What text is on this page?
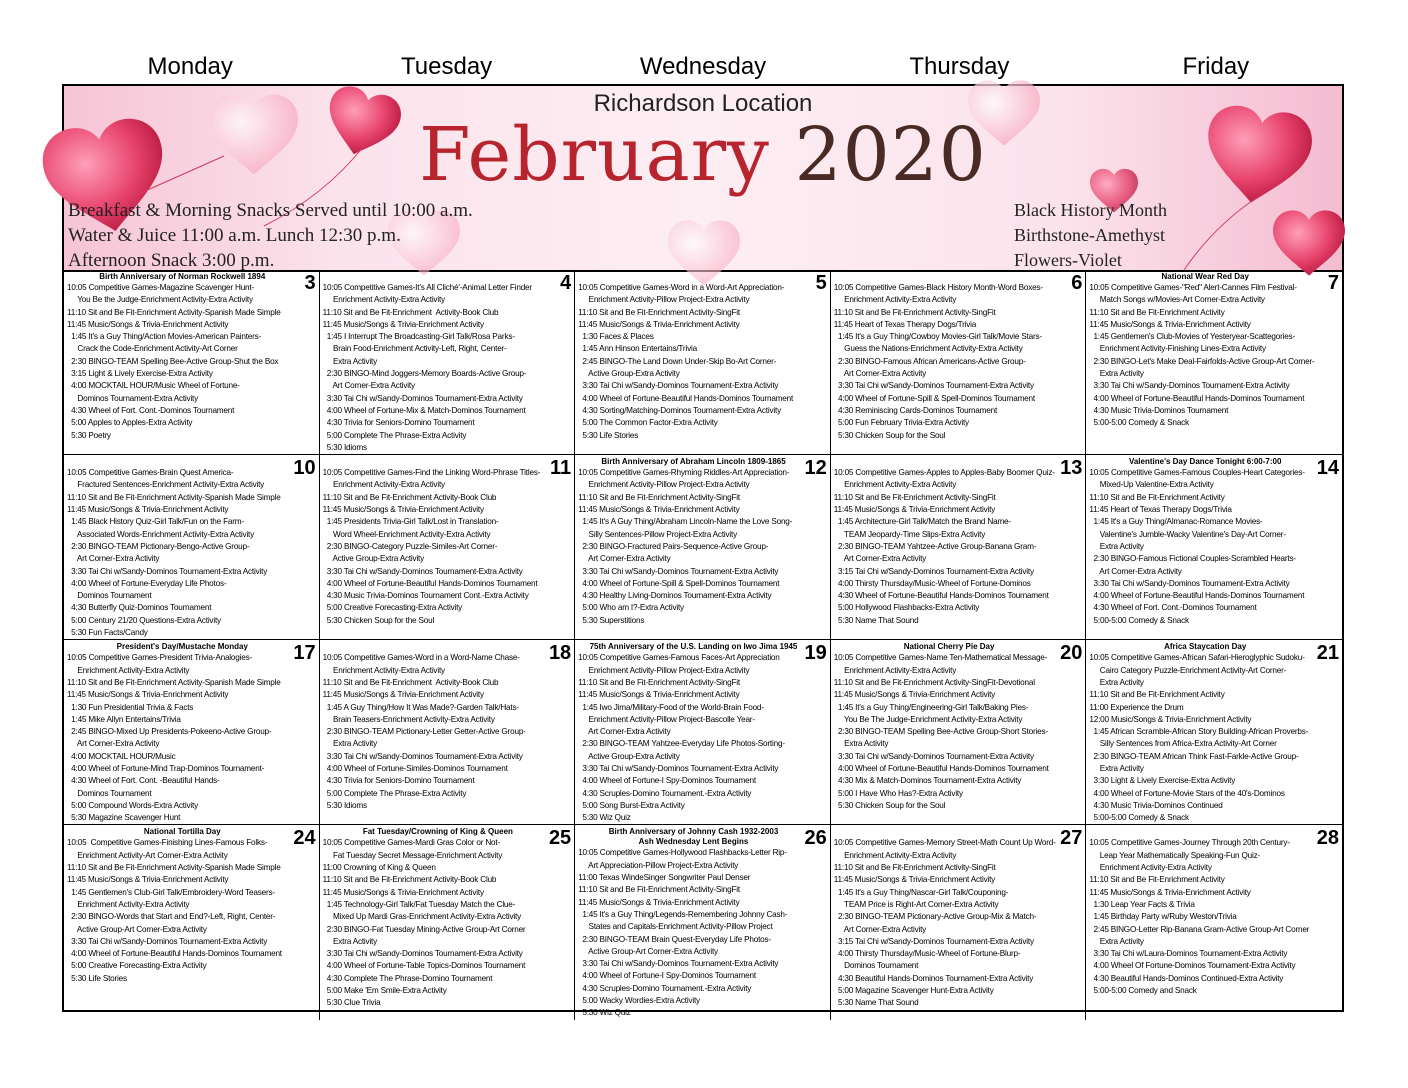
Monday	Tuesday	Wednesday	Thursday	Friday
Richardson Location
February 2020
Breakfast & Morning Snacks Served until 10:00 a.m.
Water & Juice 11:00 a.m. Lunch 12:30 p.m.
Afternoon Snack 3:00 p.m.
Black History Month
Birthstone-Amethyst
Flowers-Violet
3
Birth Anniversary of Norman Rockwell 1894
10:05 Competitive Games-Magazine Scavenger Hunt-
You Be the Judge-Enrichment Activity-Extra Activity
11:10 Sit and Be Fit-Enrichment Activity-Spanish Made Simple
11:45 Music/Songs & Trivia-Enrichment Activity
1:45 It's a Guy Thing/Action Movies-American Painters-
Crack the Code-Enrichment Activity-Art Corner
2:30 BINGO-TEAM Spelling Bee-Active Group-Shut the Box
3:15 Light & Lively Exercise-Extra Activity
4:00 MOCKTAIL HOUR/Music Wheel of Fortune-
Dominos Tournament-Extra Activity
4:30 Wheel of Fort. Cont.-Dominos Tournament
5:00 Apples to Apples-Extra Activity
5:30 Poetry
4
10:05 Competitive Games-It's All Cliché'-Animal Letter Finder
Enrichment Activity-Extra Activity
11:10 Sit and Be Fit-Enrichment  Activity-Book Club
11:45 Music/Songs & Trivia-Enrichment Activity
1:45 I Interrupt The Broadcasting-Girl Talk/Rosa Parks-
Brain Food-Enrichment Activity-Left, Right, Center-
Extra Activity
2:30 BINGO-Mind Joggers-Memory Boards-Active Group-
Art Corner-Extra Activity
3:30 Tai Chi w/Sandy-Dominos Tournament-Extra Activity
4:00 Wheel of Fortune-Mix & Match-Dominos Tournament
4:30 Trivia for Seniors-Domino Tournament
5:00 Complete The Phrase-Extra Activity
5:30 Idioms
5
10:05 Competitive Games-Word in a Word-Art Appreciation-
Enrichment Activity-Pillow Project-Extra Activity
11:10 Sit and Be Fit-Enrichment Activity-SingFit
11:45 Music/Songs & Trivia-Enrichment Activity
1:30 Faces & Places
1:45 Ann Hinson Entertains/Trivia
2:45 BINGO-The Land Down Under-Skip Bo-Art Corner-
Active Group-Extra Activity
3:30 Tai Chi w/Sandy-Dominos Tournament-Extra Activity
4:00 Wheel of Fortune-Beautiful Hands-Dominos Tournament
4:30 Sorting/Matching-Dominos Tournament-Extra Activity
5:00 The Common Factor-Extra Activity
5:30 Life Stories
6
10:05 Competitive Games-Black History Month-Word Boxes-
Enrichment Activity-Extra Activity
11:10 Sit and Be Fit-Enrichment Activity-SingFit
11:45 Heart of Texas Therapy Dogs/Trivia
1:45 It's a Guy Thing/Cowboy Movies-Girl Talk/Movie Stars-
Guess the Nations-Enrichment Activity-Extra Activity
2:30 BINGO-Famous African Americans-Active Group-
Art Corner-Extra Activity
3:30 Tai Chi w/Sandy-Dominos Tournament-Extra Activity
4:00 Wheel of Fortune-Spill & Spell-Dominos Tournament
4:30 Reminiscing Cards-Dominos Tournament
5:00 Fun February Trivia-Extra Activity
5:30 Chicken Soup for the Soul
7
National Wear Red Day
10:05 Competitive Games-"Red" Alert-Cannes Film Festival-
Match Songs w/Movies-Art Corner-Extra Activity
11:10 Sit and Be Fit-Enrichment Activity
11:45 Music/Songs & Trivia-Enrichment Activity
1:45 Gentlemen's Club-Movies of Yesteryear-Scattegories-
Enrichment Activity-Finishing Lines-Extra Activity
2:30 BINGO-Let's Make Deal-Fairfolds-Active Group-Art Corner-
Extra Activity
3:30 Tai Chi w/Sandy-Dominos Tournament-Extra Activity
4:00 Wheel of Fortune-Beautiful Hands-Dominos Tournament
4:30 Music Trivia-Dominos Tournament
5:00-5:00 Comedy & Snack
10
10:05 Competitive Games-Brain Quest America-
Fractured Sentences-Enrichment Activity-Extra Activity
11:10 Sit and Be Fit-Enrichment Activity-Spanish Made Simple
11:45 Music/Songs & Trivia-Enrichment Activity
1:45 Black History Quiz-Girl Talk/Fun on the Farm-
Associated Words-Enrichment Activity-Extra Activity
2:30 BINGO-TEAM Pictionary-Bengo-Active Group-
Art Corner-Extra Activity
3:30 Tai Chi w/Sandy-Dominos Tournament-Extra Activity
4:00 Wheel of Fortune-Everyday Life Photos-
Dominos Tournament
4:30 Butterfly Quiz-Dominos Tournament
5:00 Century 21/20 Questions-Extra Activity
5:30 Fun Facts/Candy
11
10:05 Competitive Games-Find the Linking Word-Phrase Titles-
Enrichment Activity-Extra Activity
11:10 Sit and Be Fit-Enrichment Activity-Book Club
11:45 Music/Songs & Trivia-Enrichment Activity
1:45 Presidents Trivia-Girl Talk/Lost in Translation-
Word Wheel-Enrichment Activity-Extra Activity
2:30 BINGO-Category Puzzle-Similes-Art Corner-
Active Group-Extra Activity
3:30 Tai Chi w/Sandy-Dominos Tournament-Extra Activity
4:00 Wheel of Fortune-Beautiful Hands-Dominos Tournament
4:30 Music Trivia-Dominos Tournament Cont.-Extra Activity
5:00 Creative Forecasting-Extra Activity
5:30 Chicken Soup for the Soul
12
Birth Anniversary of Abraham Lincoln 1809-1865
10:05 Competitive Games-Rhyming Riddles-Art Appreciation-
Enrichment Activity-Pillow Project-Extra Activity
11:10 Sit and Be Fit-Enrichment Activity-SingFit
11:45 Music/Songs & Trivia-Enrichment Activity
1:45 It's A Guy Thing/Abraham Lincoln-Name the Love Song-
Silly Sentences-Pillow Project-Extra Activity
2:30 BINGO-Fractured Pairs-Sequence-Active Group-
Art Corner-Extra Activity
3:30 Tai Chi w/Sandy-Dominos Tournament-Extra Activity
4:00 Wheel of Fortune-Spill & Spell-Dominos Tournament
4:30 Healthy Living-Dominos Tournament-Extra Activity
5:00 Who am I?-Extra Activity
5:30 Superstitions
13
10:05 Competitive Games-Apples to Apples-Baby Boomer Quiz-
Enrichment Activity-Extra Activity
11:10 Sit and Be Fit-Enrichment Activity-SingFit
11:45 Music/Songs & Trivia-Enrichment Activity
1:45 Architecture-Girl Talk/Match the Brand Name-
TEAM Jeopardy-Time Slips-Extra Activity
2:30 BINGO-TEAM Yahtzee-Active Group-Banana Gram-
Art Corner-Extra Activity
3:15 Tai Chi w/Sandy-Dominos Tournament-Extra Activity
4:00 Thirsty Thursday/Music-Wheel of Fortune-Dominos
4:30 Wheel of Fortune-Beautiful Hands-Dominos Tournament
5:00 Hollywood Flashbacks-Extra Activity
5:30 Name That Sound
14
Valentine's Day Dance Tonight 6:00-7:00
10:05 Competitive Games-Famous Couples-Heart Categories-
Mixed-Up Valentine-Extra Activity
11:10 Sit and Be Fit-Enrichment Activity
11:45 Heart of Texas Therapy Dogs/Trivia
1:45 It's a Guy Thing/Almanac-Romance Movies-
Valentine's Jumble-Wacky Valentine's Day-Art Corner-
Extra Activity
2:30 BINGO-Famous Fictional Couples-Scrambled Hearts-
Art Corner-Extra Activity
3:30 Tai Chi w/Sandy-Dominos Tournament-Extra Activity
4:00 Wheel of Fortune-Beautiful Hands-Dominos Tournament
4:30 Wheel of Fort. Cont.-Dominos Tournament
5:00-5:00 Comedy & Snack
17
President's Day/Mustache Monday
10:05 Competitive Games-President Trivia-Analogies-
Enrichment Activity-Extra Activity
11:10 Sit and Be Fit-Enrichment Activity-Spanish Made Simple
11:45 Music/Songs & Trivia-Enrichment Activity
1:30 Fun Presidential Trivia & Facts
1:45 Mike Allyn Entertains/Trivia
2:45 BINGO-Mixed Up Presidents-Pokeeno-Active Group-
Art Corner-Extra Activity
4:00 MOCKTAIL HOUR/Music
4:00 Wheel of Fortune-Mind Trap-Dominos Tournament-
4:30 Wheel of Fort. Cont. -Beautiful Hands-
Dominos Tournament
5:00 Compound Words-Extra Activity
5:30 Magazine Scavenger Hunt
18
10:05 Competitive Games-Word in a Word-Name Chase-
Enrichment Activity-Extra Activity
11:10 Sit and Be Fit-Enrichment  Activity-Book Club
11:45 Music/Songs & Trivia-Enrichment Activity
1:45 A Guy Thing/How It Was Made?-Garden Talk/Hats-
Brain Teasers-Enrichment Activity-Extra Activity
2:30 BINGO-TEAM Pictionary-Letter Getter-Active Group-
Extra Activity
3:30 Tai Chi w/Sandy-Dominos Tournament-Extra Activity
4:00 Wheel of Fortune-Similes-Dominos Tournament
4:30 Trivia for Seniors-Domino Tournament
5:00 Complete The Phrase-Extra Activity
5:30 Idioms
19
75th Anniversary of the U.S. Landing on Iwo Jima 1945
10:05 Competitive Games-Famous Faces-Art Appreciation
Enrichment Activity-Pillow Project-Extra Activity
11:10 Sit and Be Fit-Enrichment Activity-SingFit
11:45 Music/Songs & Trivia-Enrichment Activity
1:45 Iwo Jima/Military-Food of the World-Brain Food-
Enrichment Activity-Pillow Project-Bascolle Year-
Art Corner-Extra Activity
2:30 BINGO-TEAM Yahtzee-Everyday Life Photos-Sorting-
Active Group-Extra Activity
3:30 Tai Chi w/Sandy-Dominos Tournament-Extra Activity
4:00 Wheel of Fortune-I Spy-Dominos Tournament
4:30 Scruples-Domino Tournament.-Extra Activity
5:00 Song Burst-Extra Activity
5:30 Wiz Quiz
20
National Cherry Pie Day
10:05 Competitive Games-Name Ten-Mathematical Message-
Enrichment Activity-Extra Activity
11:10 Sit and Be Fit-Enrichment Activity-SingFit-Devotional
11:45 Music/Songs & Trivia-Enrichment Activity
1:45 It's a Guy Thing/Engineering-Girl Talk/Baking Pies-
You Be The Judge-Enrichment Activity-Extra Activity
2:30 BINGO-TEAM Spelling Bee-Active Group-Short Stories-
Extra Activity
3:30 Tai Chi w/Sandy-Dominos Tournament-Extra Activity
4:00 Wheel of Fortune-Beautiful Hands-Dominos Tournament
4:30 Mix & Match-Dominos Tournament-Extra Activity
5:00 I Have Who Has?-Extra Activity
5:30 Chicken Soup for the Soul
21
Africa Staycation Day
10:05 Competitive Games-African Safari-Hieroglyphic Sudoku-
Cairo Category Puzzle-Enrichment Activity-Art Corner-
Extra Activity
11:10 Sit and Be Fit-Enrichment Activity
11:00 Experience the Drum
12:00 Music/Songs & Trivia-Enrichment Activity
1:45 African Scramble-African Story Building-African Proverbs-
Silly Sentences from Africa-Extra Activity-Art Corner
2:30 BINGO-TEAM African Think Fast-Farkle-Active Group-
Extra Activity
3:30 Light & Lively Exercise-Extra Activity
4:00 Wheel of Fortune-Movie Stars of the 40's-Dominos
4:30 Music Trivia-Dominos Continued
5:00-5:00 Comedy & Snack
24
National Tortilla Day
10:05  Competitive Games-Finishing Lines-Famous Folks-
Enrichment Activity-Art Corner-Extra Activity
11:10 Sit and Be Fit-Enrichment Activity-Spanish Made Simple
11:45 Music/Songs & Trivia-Enrichment Activity
1:45 Gentlemen's Club-Girl Talk/Embroidery-Word Teasers-
Enrichment Activity-Extra Activity
2:30 BINGO-Words that Start and End?-Left, Right, Center-
Active Group-Art Corner-Extra Activity
3:30 Tai Chi w/Sandy-Dominos Tournament-Extra Activity
4:00 Wheel of Fortune-Beautiful Hands-Dominos Tournament
5:00 Creative Forecasting-Extra Activity
5:30 Life Stories
25
Fat Tuesday/Crowning of King & Queen
10:05 Competitive Games-Mardi Gras Color or Not-
Fat Tuesday Secret Message-Enrichment Activity
11:00 Crowning of King & Queen
11:10 Sit and Be Fit-Enrichment Activity-Book Club
11:45 Music/Songs & Trivia-Enrichment Activity
1:45 Technology-Girl Talk/Fat Tuesday Match the Clue-
Mixed Up Mardi Gras-Enrichment Activity-Extra Activity
2:30 BINGO-Fat Tuesday Mining-Active Group-Art Corner
Extra Activity
3:30 Tai Chi w/Sandy-Dominos Tournament-Extra Activity
4:00 Wheel of Fortune-Table Topics-Dominos Tournament
4:30 Complete The Phrase-Domino Tournament
5:00 Make 'Em Smile-Extra Activity
5:30 Clue Trivia
26
Birth Anniversary of Johnny Cash 1932-2003
Ash Wednesday Lent Begins
10:05 Competitive Games-Hollywood Flashbacks-Letter Rip-
Art Appreciation-Pillow Project-Extra Activity
11:00 Texas WindeSinger Songwriter Paul Denser
11:10 Sit and Be Fit-Enrichment Activity-SingFit
11:45 Music/Songs & Trivia-Enrichment Activity
1:45 It's a Guy Thing/Legends-Remembering Johnny Cash-
States and Capitals-Enrichment Activity-Pillow Project
2:30 BINGO-TEAM Brain Quest-Everyday Life Photos-
Active Group-Art Corner-Extra Activity
3:30 Tai Chi w/Sandy-Dominos Tournament-Extra Activity
4:00 Wheel of Fortune-I Spy-Dominos Tournament
4:30 Scruples-Domino Tournament.-Extra Activity
5:00 Wacky Wordies-Extra Activity
5:30 Wiz Quiz
27
10:05 Competitive Games-Memory Street-Math Count Up Word-
Enrichment Activity-Extra Activity
11:10 Sit and Be Fit-Enrichment Activity-SingFit
11:45 Music/Songs & Trivia-Enrichment Activity
1:45 It's a Guy Thing/Nascar-Girl Talk/Couponing-
TEAM Price is Right-Art Corner-Extra Activity
2:30 BINGO-TEAM Pictionary-Active Group-Mix & Match-
Art Corner-Extra Activity
3:15 Tai Chi w/Sandy-Dominos Tournament-Extra Activity
4:00 Thirsty Thursday/Music-Wheel of Fortune-Blurp-
Dominos Tournament
4:30 Beautiful Hands-Dominos Tournament-Extra Activity
5:00 Magazine Scavenger Hunt-Extra Activity
5:30 Name That Sound
28
10:05 Competitive Games-Journey Through 20th Century-
Leap Year Mathematically Speaking-Fun Quiz-
Enrichment Activity-Extra Activity
11:10 Sit and Be Fit-Enrichment Activity
11:45 Music/Songs & Trivia-Enrichment Activity
1:30 Leap Year Facts & Trivia
1:45 Birthday Party w/Ruby Weston/Trivia
2:45 BINGO-Letter Rip-Banana Gram-Active Group-Art Corner
Extra Activity
3:30 Tai Chi w/Laura-Dominos Tournament-Extra Activity
4:00 Wheel Of Fortune-Dominos Tournament-Extra Activity
4:30 Beautiful Hands-Dominos Continued-Extra Activity
5:00-5:00 Comedy and Snack
